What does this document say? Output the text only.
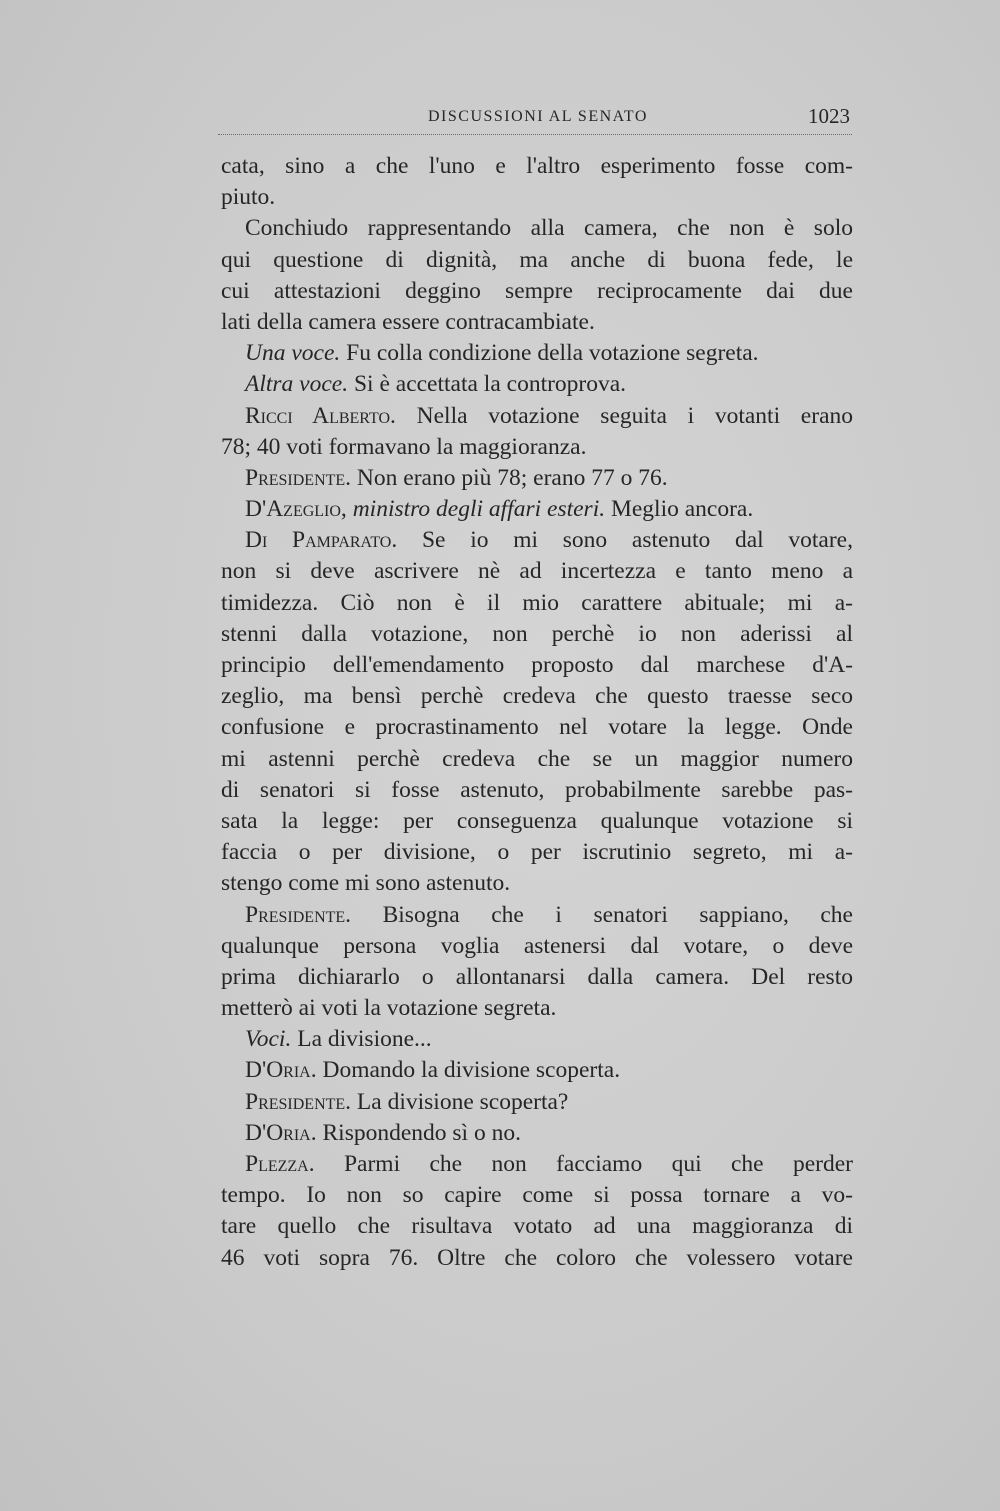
DISCUSSIONI AL SENATO	1023
cata, sino a che l'uno e l'altro esperimento fosse com-
piuto.
Conchiudo rappresentando alla camera, che non è solo
qui questione di dignità, ma anche di buona fede, le
cui attestazioni deggino sempre reciprocamente dai due
lati della camera essere contracambiate.
Una voce. Fu colla condizione della votazione segreta.
Altra voce. Si è accettata la controprova.
Ricci Alberto. Nella votazione seguita i votanti erano
78; 40 voti formavano la maggioranza.
Presidente. Non erano più 78; erano 77 o 76.
D'Azeglio, ministro degli affari esteri. Meglio ancora.
Di Pamparato. Se io mi sono astenuto dal votare,
non si deve ascrivere nè ad incertezza e tanto meno a
timidezza. Ciò non è il mio carattere abituale; mi a-
stenni dalla votazione, non perchè io non aderissi al
principio dell'emendamento proposto dal marchese d'A-
zeglio, ma bensì perchè credeva che questo traesse seco
confusione e procrastinamento nel votare la legge. Onde
mi astenni perchè credeva che se un maggior numero
di senatori si fosse astenuto, probabilmente sarebbe pas-
sata la legge: per conseguenza qualunque votazione si
faccia o per divisione, o per iscrutinio segreto, mi a-
stengo come mi sono astenuto.
Presidente. Bisogna che i senatori sappiano, che
qualunque persona voglia astenersi dal votare, o deve
prima dichiararlo o allontanarsi dalla camera. Del resto
metterò ai voti la votazione segreta.
Voci. La divisione...
D'Oria. Domando la divisione scoperta.
Presidente. La divisione scoperta?
D'Oria. Rispondendo sì o no.
Plezza. Parmi che non facciamo qui che perder
tempo. Io non so capire come si possa tornare a vo-
tare quello che risultava votato ad una maggioranza di
46 voti sopra 76. Oltre che coloro che volessero votare
